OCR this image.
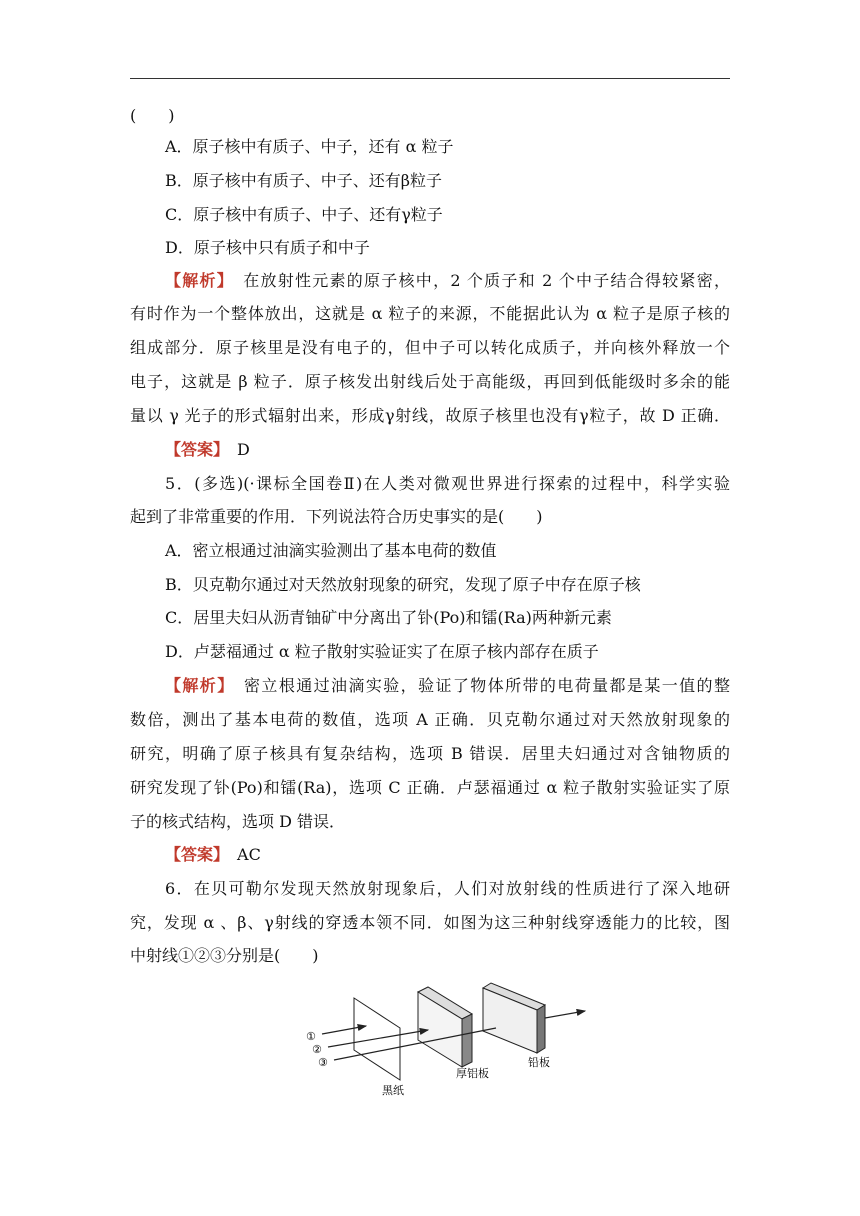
(　　)
A．原子核中有质子、中子，还有 α 粒子
B．原子核中有质子、中子、还有β粒子
C．原子核中有质子、中子、还有γ粒子
D．原子核中只有质子和中子
【解析】　 在放射性元素的原子核中，2 个质子和 2 个中子结合得较紧密，
有时作为一个整体放出，这就是 α 粒子的来源，不能据此认为 α 粒子是原子核的
组成部分．原子核里是没有电子的，但中子可以转化成质子，并向核外释放一个
电子，这就是 β 粒子．原子核发出射线后处于高能级，再回到低能级时多余的能
量以 γ 光子的形式辐射出来，形成γ射线，故原子核里也没有γ粒子，故 D 正确．
【答案】　 D
5．(多选)(·课标全国卷Ⅱ)在人类对微观世界进行探索的过程中，科学实验
起到了非常重要的作用．下列说法符合历史事实的是(　　)
A．密立根通过油滴实验测出了基本电荷的数值
B．贝克勒尔通过对天然放射现象的研究，发现了原子中存在原子核
C．居里夫妇从沥青铀矿中分离出了钋(Po)和镭(Ra)两种新元素
D．卢瑟福通过 α 粒子散射实验证实了在原子核内部存在质子
【解析】　 密立根通过油滴实验，验证了物体所带的电荷量都是某一值的整
数倍，测出了基本电荷的数值，选项 A 正确．贝克勒尔通过对天然放射现象的
研究，明确了原子核具有复杂结构，选项 B 错误．居里夫妇通过对含铀物质的
研究发现了钋(Po)和镭(Ra)，选项 C 正确．卢瑟福通过 α 粒子散射实验证实了原
子的核式结构，选项 D 错误．
【答案】　 AC
6．在贝可勒尔发现天然放射现象后，人们对放射线的性质进行了深入地研
究，发现 α 、β、γ射线的穿透本领不同．如图为这三种射线穿透能力的比较，图
中射线①②③分别是(　　)
①
②
③
黑纸
厚铝板
铅板
